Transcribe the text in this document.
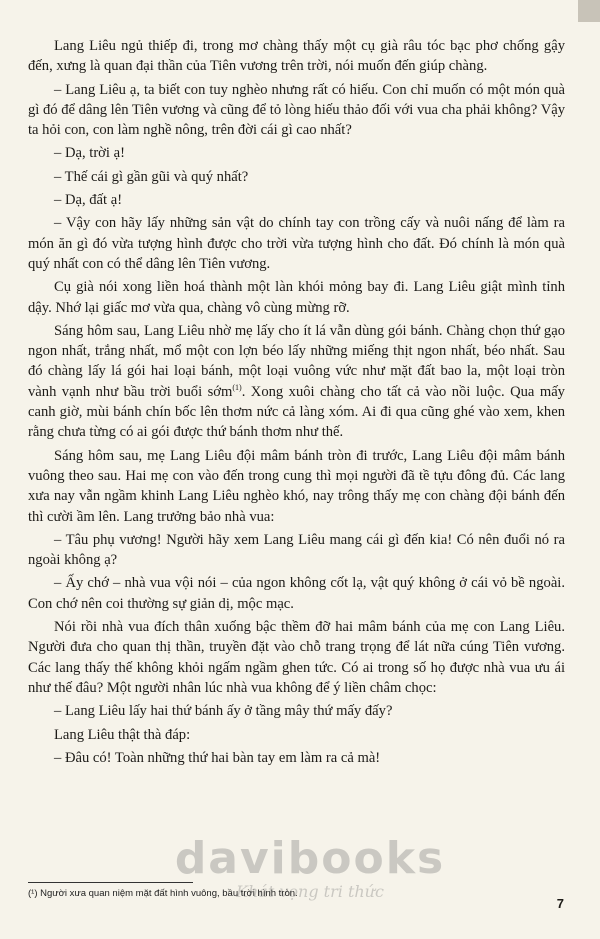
Lang Liêu ngủ thiếp đi, trong mơ chàng thấy một cụ già râu tóc bạc phơ chống gậy đến, xưng là quan đại thần của Tiên vương trên trời, nói muốn đến giúp chàng.

– Lang Liêu ạ, ta biết con tuy nghèo nhưng rất có hiếu. Con chỉ muốn có một món quà gì đó để dâng lên Tiên vương và cũng để tỏ lòng hiếu thảo đối với vua cha phải không? Vậy ta hỏi con, con làm nghề nông, trên đời cái gì cao nhất?

– Dạ, trời ạ!

– Thế cái gì gần gũi và quý nhất?

– Dạ, đất ạ!

– Vậy con hãy lấy những sản vật do chính tay con trồng cấy và nuôi nấng để làm ra món ăn gì đó vừa tượng hình được cho trời vừa tượng hình cho đất. Đó chính là món quà quý nhất con có thể dâng lên Tiên vương.

Cụ già nói xong liền hoá thành một làn khói mỏng bay đi. Lang Liêu giật mình tỉnh dậy. Nhớ lại giấc mơ vừa qua, chàng vô cùng mừng rỡ.

Sáng hôm sau, Lang Liêu nhờ mẹ lấy cho ít lá vẫn dùng gói bánh. Chàng chọn thứ gạo ngon nhất, trắng nhất, mổ một con lợn béo lấy những miếng thịt ngon nhất, béo nhất. Sau đó chàng lấy lá gói hai loại bánh, một loại vuông vức như mặt đất bao la, một loại tròn vành vạnh như bầu trời buổi sớm$^{(1)}$. Xong xuôi chàng cho tất cả vào nồi luộc. Qua mấy canh giờ, mùi bánh chín bốc lên thơm nức cả làng xóm. Ai đi qua cũng ghé vào xem, khen rằng chưa từng có ai gói được thứ bánh thơm như thế.

Sáng hôm sau, mẹ Lang Liêu đội mâm bánh tròn đi trước, Lang Liêu đội mâm bánh vuông theo sau. Hai mẹ con vào đến trong cung thì mọi người đã tề tựu đông đủ. Các lang xưa nay vẫn ngầm khinh Lang Liêu nghèo khó, nay trông thấy mẹ con chàng đội bánh đến thì cười ầm lên. Lang trưởng bảo nhà vua:

– Tâu phụ vương! Người hãy xem Lang Liêu mang cái gì đến kia! Có nên đuổi nó ra ngoài không ạ?

– Ấy chớ – nhà vua vội nói – của ngon không cốt lạ, vật quý không ở cái vỏ bề ngoài. Con chớ nên coi thường sự giản dị, mộc mạc.

Nói rồi nhà vua đích thân xuống bậc thềm đỡ hai mâm bánh của mẹ con Lang Liêu. Người đưa cho quan thị thần, truyền đặt vào chỗ trang trọng để lát nữa cúng Tiên vương. Các lang thấy thế không khỏi ngấm ngầm ghen tức. Có ai trong số họ được nhà vua ưu ái như thế đâu? Một người nhân lúc nhà vua không để ý liền châm chọc:

– Lang Liêu lấy hai thứ bánh ấy ở tầng mây thứ mấy đấy?

Lang Liêu thật thà đáp:

– Đâu có! Toàn những thứ hai bàn tay em làm ra cả mà!

davibooks
Khát vọng tri thức
(¹) Người xưa quan niệm mặt đất hình vuông, bầu trời hình tròn.
7
